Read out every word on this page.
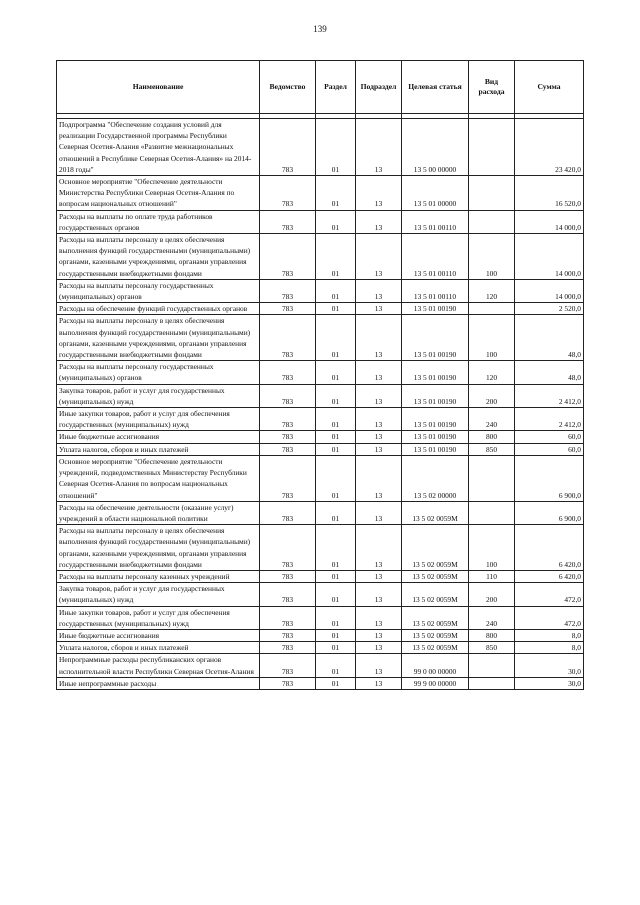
139
Наименование	Ведомство	Раздел	Подраздел	Целевая статья	Вид расхода	Сумма

Подпрограмма "Обеспечение создания условий для реализации Государственной программы Республики Северная Осетия-Алания «Развитие межнациональных отношений в Республике Северная Осетия-Алания» на 2014-2018 годы"	783	01	13	13 5 00 00000		23 420,0
Основное мероприятие "Обеспечение деятельности Министерства Республики Северная Осетия-Алания по вопросам национальных отношений"	783	01	13	13 5 01 00000		16 520,0
Расходы на выплаты по оплате труда работников государственных органов	783	01	13	13 5 01 00110		14 000,0
Расходы на выплаты персоналу в целях обеспечения выполнения функций государственными (муниципальными) органами, казенными учреждениями, органами управления государственными внебюджетными фондами	783	01	13	13 5 01 00110	100	14 000,0
Расходы на выплаты персоналу государственных (муниципальных) органов	783	01	13	13 5 01 00110	120	14 000,0
Расходы на обеспечение функций государственных органов	783	01	13	13 5 01 00190		2 520,0
Расходы на выплаты персоналу в целях обеспечения выполнения функций государственными (муниципальными) органами, казенными учреждениями, органами управления государственными внебюджетными фондами	783	01	13	13 5 01 00190	100	48,0
Расходы на выплаты персоналу государственных (муниципальных) органов	783	01	13	13 5 01 00190	120	48,0
Закупка товаров, работ и услуг для государственных (муниципальных) нужд	783	01	13	13 5 01 00190	200	2 412,0
Иные закупки товаров, работ и услуг для обеспечения государственных (муниципальных) нужд	783	01	13	13 5 01 00190	240	2 412,0
Иные бюджетные ассигнования	783	01	13	13 5 01 00190	800	60,0
Уплата налогов, сборов и иных платежей	783	01	13	13 5 01 00190	850	60,0
Основное мероприятие "Обеспечение деятельности учреждений, подведомственных Министерству Республики Северная Осетия-Алания по вопросам национальных отношений"	783	01	13	13 5 02 00000		6 900,0
Расходы на обеспечение деятельности (оказание услуг) учреждений в области национальной политики	783	01	13	13 5 02 0059М		6 900,0
Расходы на выплаты персоналу в целях обеспечения выполнения функций государственными (муниципальными) органами, казенными учреждениями, органами управления государственными внебюджетными фондами	783	01	13	13 5 02 0059М	100	6 420,0
Расходы на выплаты персоналу казенных учреждений	783	01	13	13 5 02 0059М	110	6 420,0
Закупка товаров, работ и услуг для государственных (муниципальных) нужд	783	01	13	13 5 02 0059М	200	472,0
Иные закупки товаров, работ и услуг для обеспечения государственных (муниципальных) нужд	783	01	13	13 5 02 0059М	240	472,0
Иные бюджетные ассигнования	783	01	13	13 5 02 0059М	800	8,0
Уплата налогов, сборов и иных платежей	783	01	13	13 5 02 0059М	850	8,0
Непрограммные расходы республиканских органов исполнительной власти Республики Северная Осетия-Алания	783	01	13	99 0 00 00000		30,0
Иные непрограммные расходы	783	01	13	99 9 00 00000		30,0
